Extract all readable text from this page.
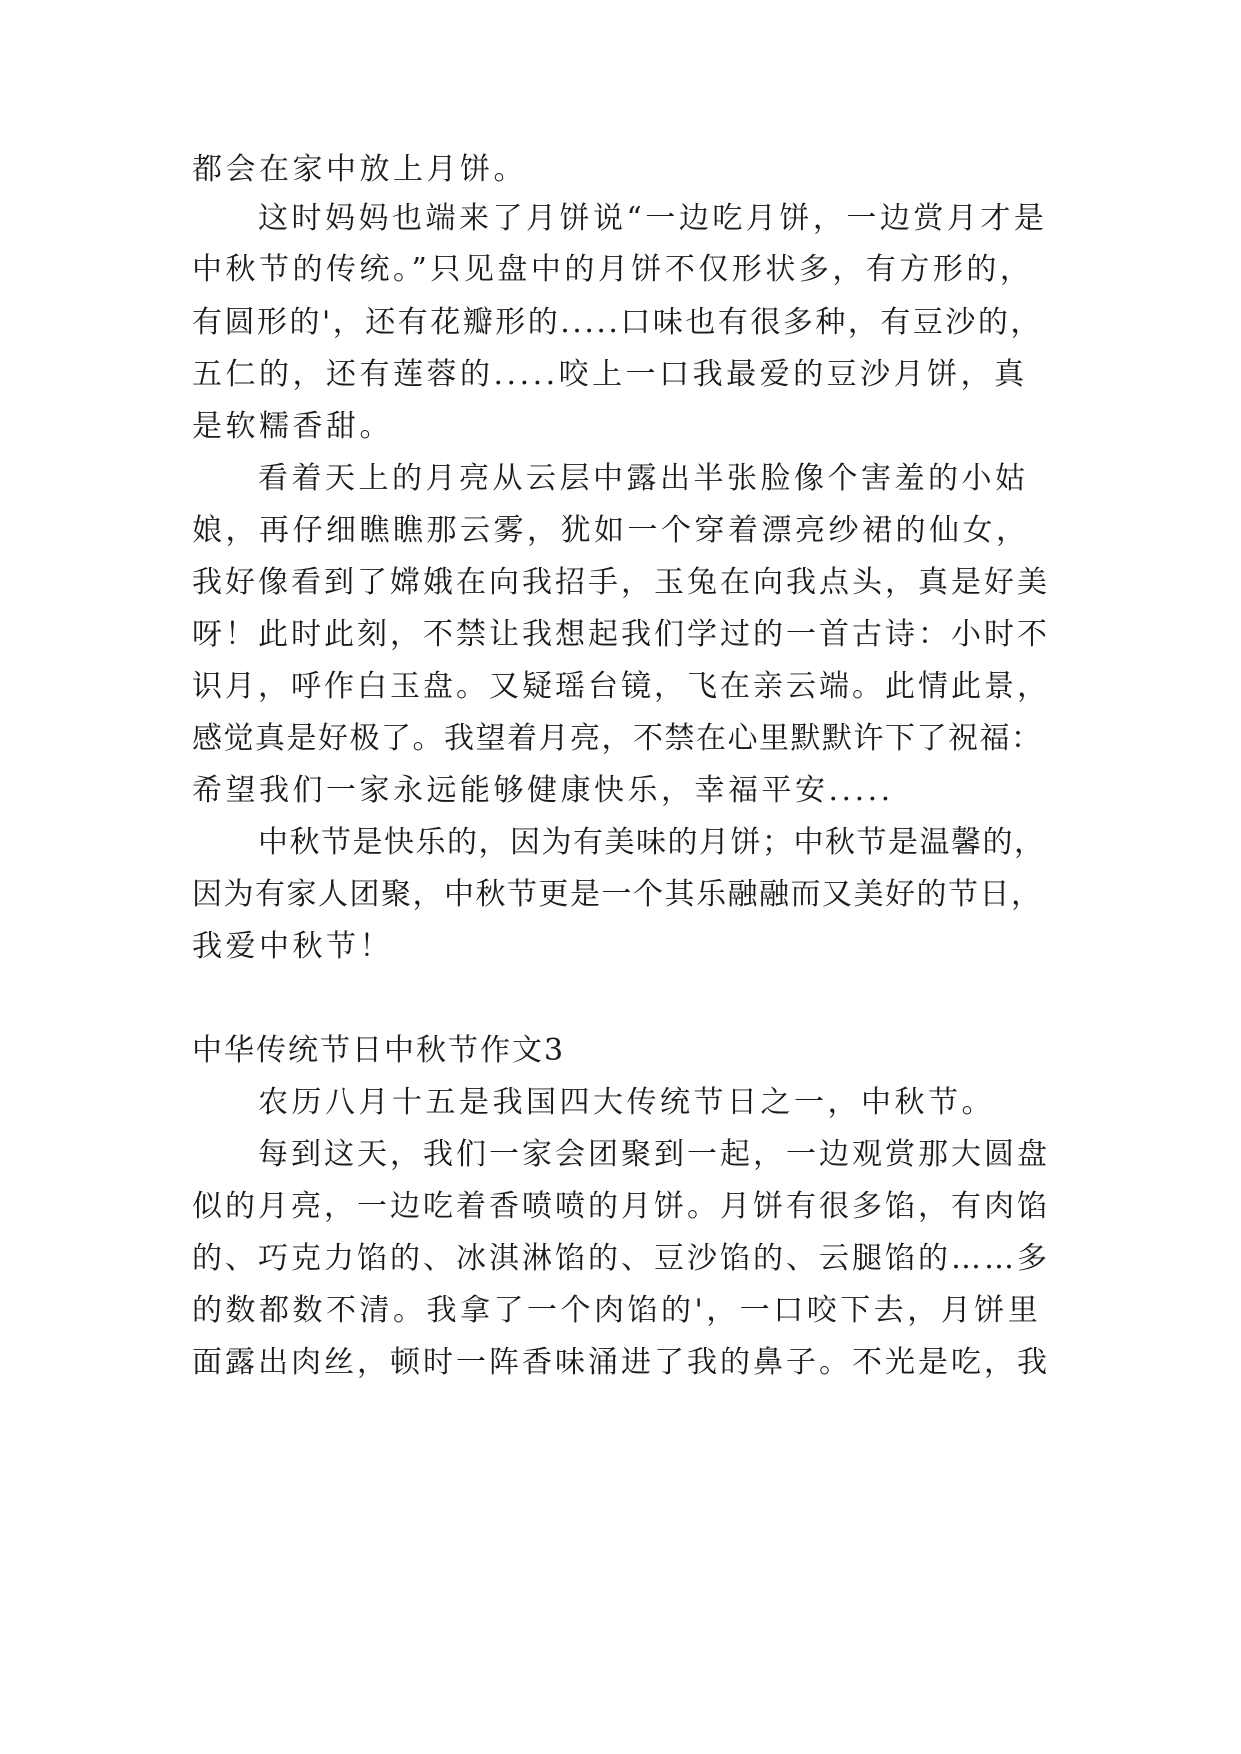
都会在家中放上月饼。
这时妈妈也端来了月饼说“一边吃月饼，一边赏月才是
中秋节的传统。”只见盘中的月饼不仅形状多，有方形的，
有圆形的'，还有花瓣形的.....口味也有很多种，有豆沙的，
五仁的，还有莲蓉的.....咬上一口我最爱的豆沙月饼，真
是软糯香甜。
看着天上的月亮从云层中露出半张脸像个害羞的小姑
娘，再仔细瞧瞧那云雾，犹如一个穿着漂亮纱裙的仙女，
我好像看到了嫦娥在向我招手，玉兔在向我点头，真是好美
呀！此时此刻，不禁让我想起我们学过的一首古诗：小时不
识月，呼作白玉盘。又疑瑶台镜，飞在亲云端。此情此景，
感觉真是好极了。我望着月亮，不禁在心里默默许下了祝福：
希望我们一家永远能够健康快乐，幸福平安.....
中秋节是快乐的，因为有美味的月饼；中秋节是温馨的，
因为有家人团聚，中秋节更是一个其乐融融而又美好的节日，
我爱中秋节！
中华传统节日中秋节作文3
农历八月十五是我国四大传统节日之一，中秋节。
每到这天，我们一家会团聚到一起，一边观赏那大圆盘
似的月亮，一边吃着香喷喷的月饼。月饼有很多馅，有肉馅
的、巧克力馅的、冰淇淋馅的、豆沙馅的、云腿馅的……多
的数都数不清。我拿了一个肉馅的'，一口咬下去，月饼里
面露出肉丝，顿时一阵香味涌进了我的鼻子。不光是吃，我
